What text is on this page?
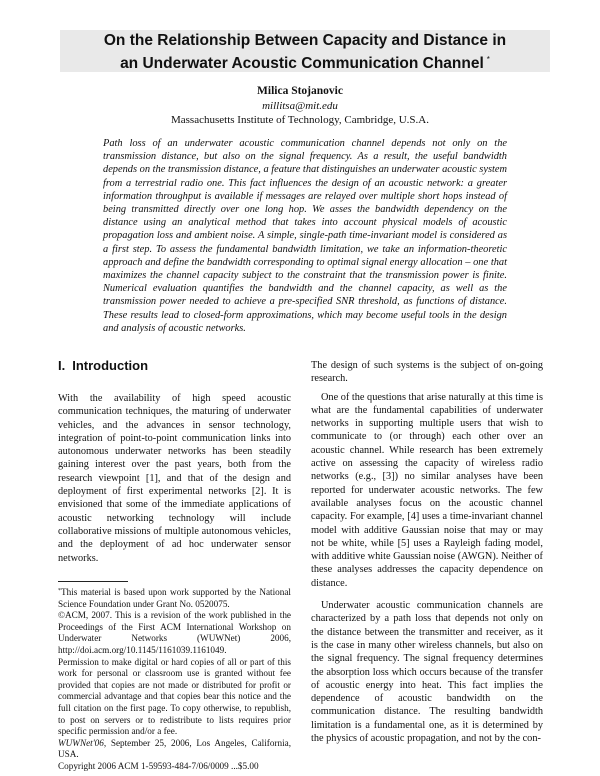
On the Relationship Between Capacity and Distance in
an Underwater Acoustic Communication Channel *
Milica Stojanovic
millitsa@mit.edu
Massachusetts Institute of Technology, Cambridge, U.S.A.

Path loss of an underwater acoustic communication channel depends not only on the transmission distance, but also on the signal frequency. As a result, the useful bandwidth depends on the transmission distance, a feature that distinguishes an underwater acoustic system from a terrestrial radio one. This fact influences the design of an acoustic network: a greater information throughput is available if messages are relayed over multiple short hops instead of being transmitted directly over one long hop. We asses the bandwidth dependency on the distance using an analytical method that takes into account physical models of acoustic propagation loss and ambient noise. A simple, single-path time-invariant model is considered as a first step. To assess the fundamental bandwidth limitation, we take an information-theoretic approach and define the bandwidth corresponding to optimal signal energy allocation – one that maximizes the channel capacity subject to the constraint that the transmission power is finite. Numerical evaluation quantifies the bandwidth and the channel capacity, as well as the transmission power needed to achieve a pre-specified SNR threshold, as functions of distance. These results lead to closed-form approximations, which may become useful tools in the design and analysis of acoustic networks.

I. Introduction

With the availability of high speed acoustic communication techniques, the maturing of underwater vehicles, and the advances in sensor technology, integration of point-to-point communication links into autonomous underwater networks has been steadily gaining interest over the past years, both from the research viewpoint [1], and that of the design and deployment of first experimental networks [2]. It is envisioned that some of the immediate applications of acoustic networking technology will include collaborative missions of multiple autonomous vehicles, and the deployment of ad hoc underwater sensor networks.

*This material is based upon work supported by the National Science Foundation under Grant No. 0520075.

©ACM, 2007. This is a revision of the work published in the Proceedings of the First ACM International Workshop on Underwater Networks (WUWNet) 2006, http://doi.acm.org/10.1145/1161039.1161049.

Permission to make digital or hard copies of all or part of this work for personal or classroom use is granted without fee provided that copies are not made or distributed for profit or commercial advantage and that copies bear this notice and the full citation on the first page. To copy otherwise, to republish, to post on servers or to redistribute to lists requires prior specific permission and/or a fee.

WUWNet'06, September 25, 2006, Los Angeles, California, USA.

Copyright 2006 ACM 1-59593-484-7/06/0009 ...$5.00

The design of such systems is the subject of on-going research.

One of the questions that arise naturally at this time is what are the fundamental capabilities of underwater networks in supporting multiple users that wish to communicate to (or through) each other over an acoustic channel. While research has been extremely active on assessing the capacity of wireless radio networks (e.g., [3]) no similar analyses have been reported for underwater acoustic networks. The few available analyses focus on the acoustic channel capacity. For example, [4] uses a time-invariant channel model with additive Gaussian noise that may or may not be white, while [5] uses a Rayleigh fading model, with additive white Gaussian noise (AWGN). Neither of these analyses addresses the capacity dependence on distance.

Underwater acoustic communication channels are characterized by a path loss that depends not only on the distance between the transmitter and receiver, as it is the case in many other wireless channels, but also on the signal frequency. The signal frequency determines the absorption loss which occurs because of the transfer of acoustic energy into heat. This fact implies the dependence of acoustic bandwidth on the communication distance. The resulting bandwidth limitation is a fundamental one, as it is determined by the physics of acoustic propagation, and not by the con-
